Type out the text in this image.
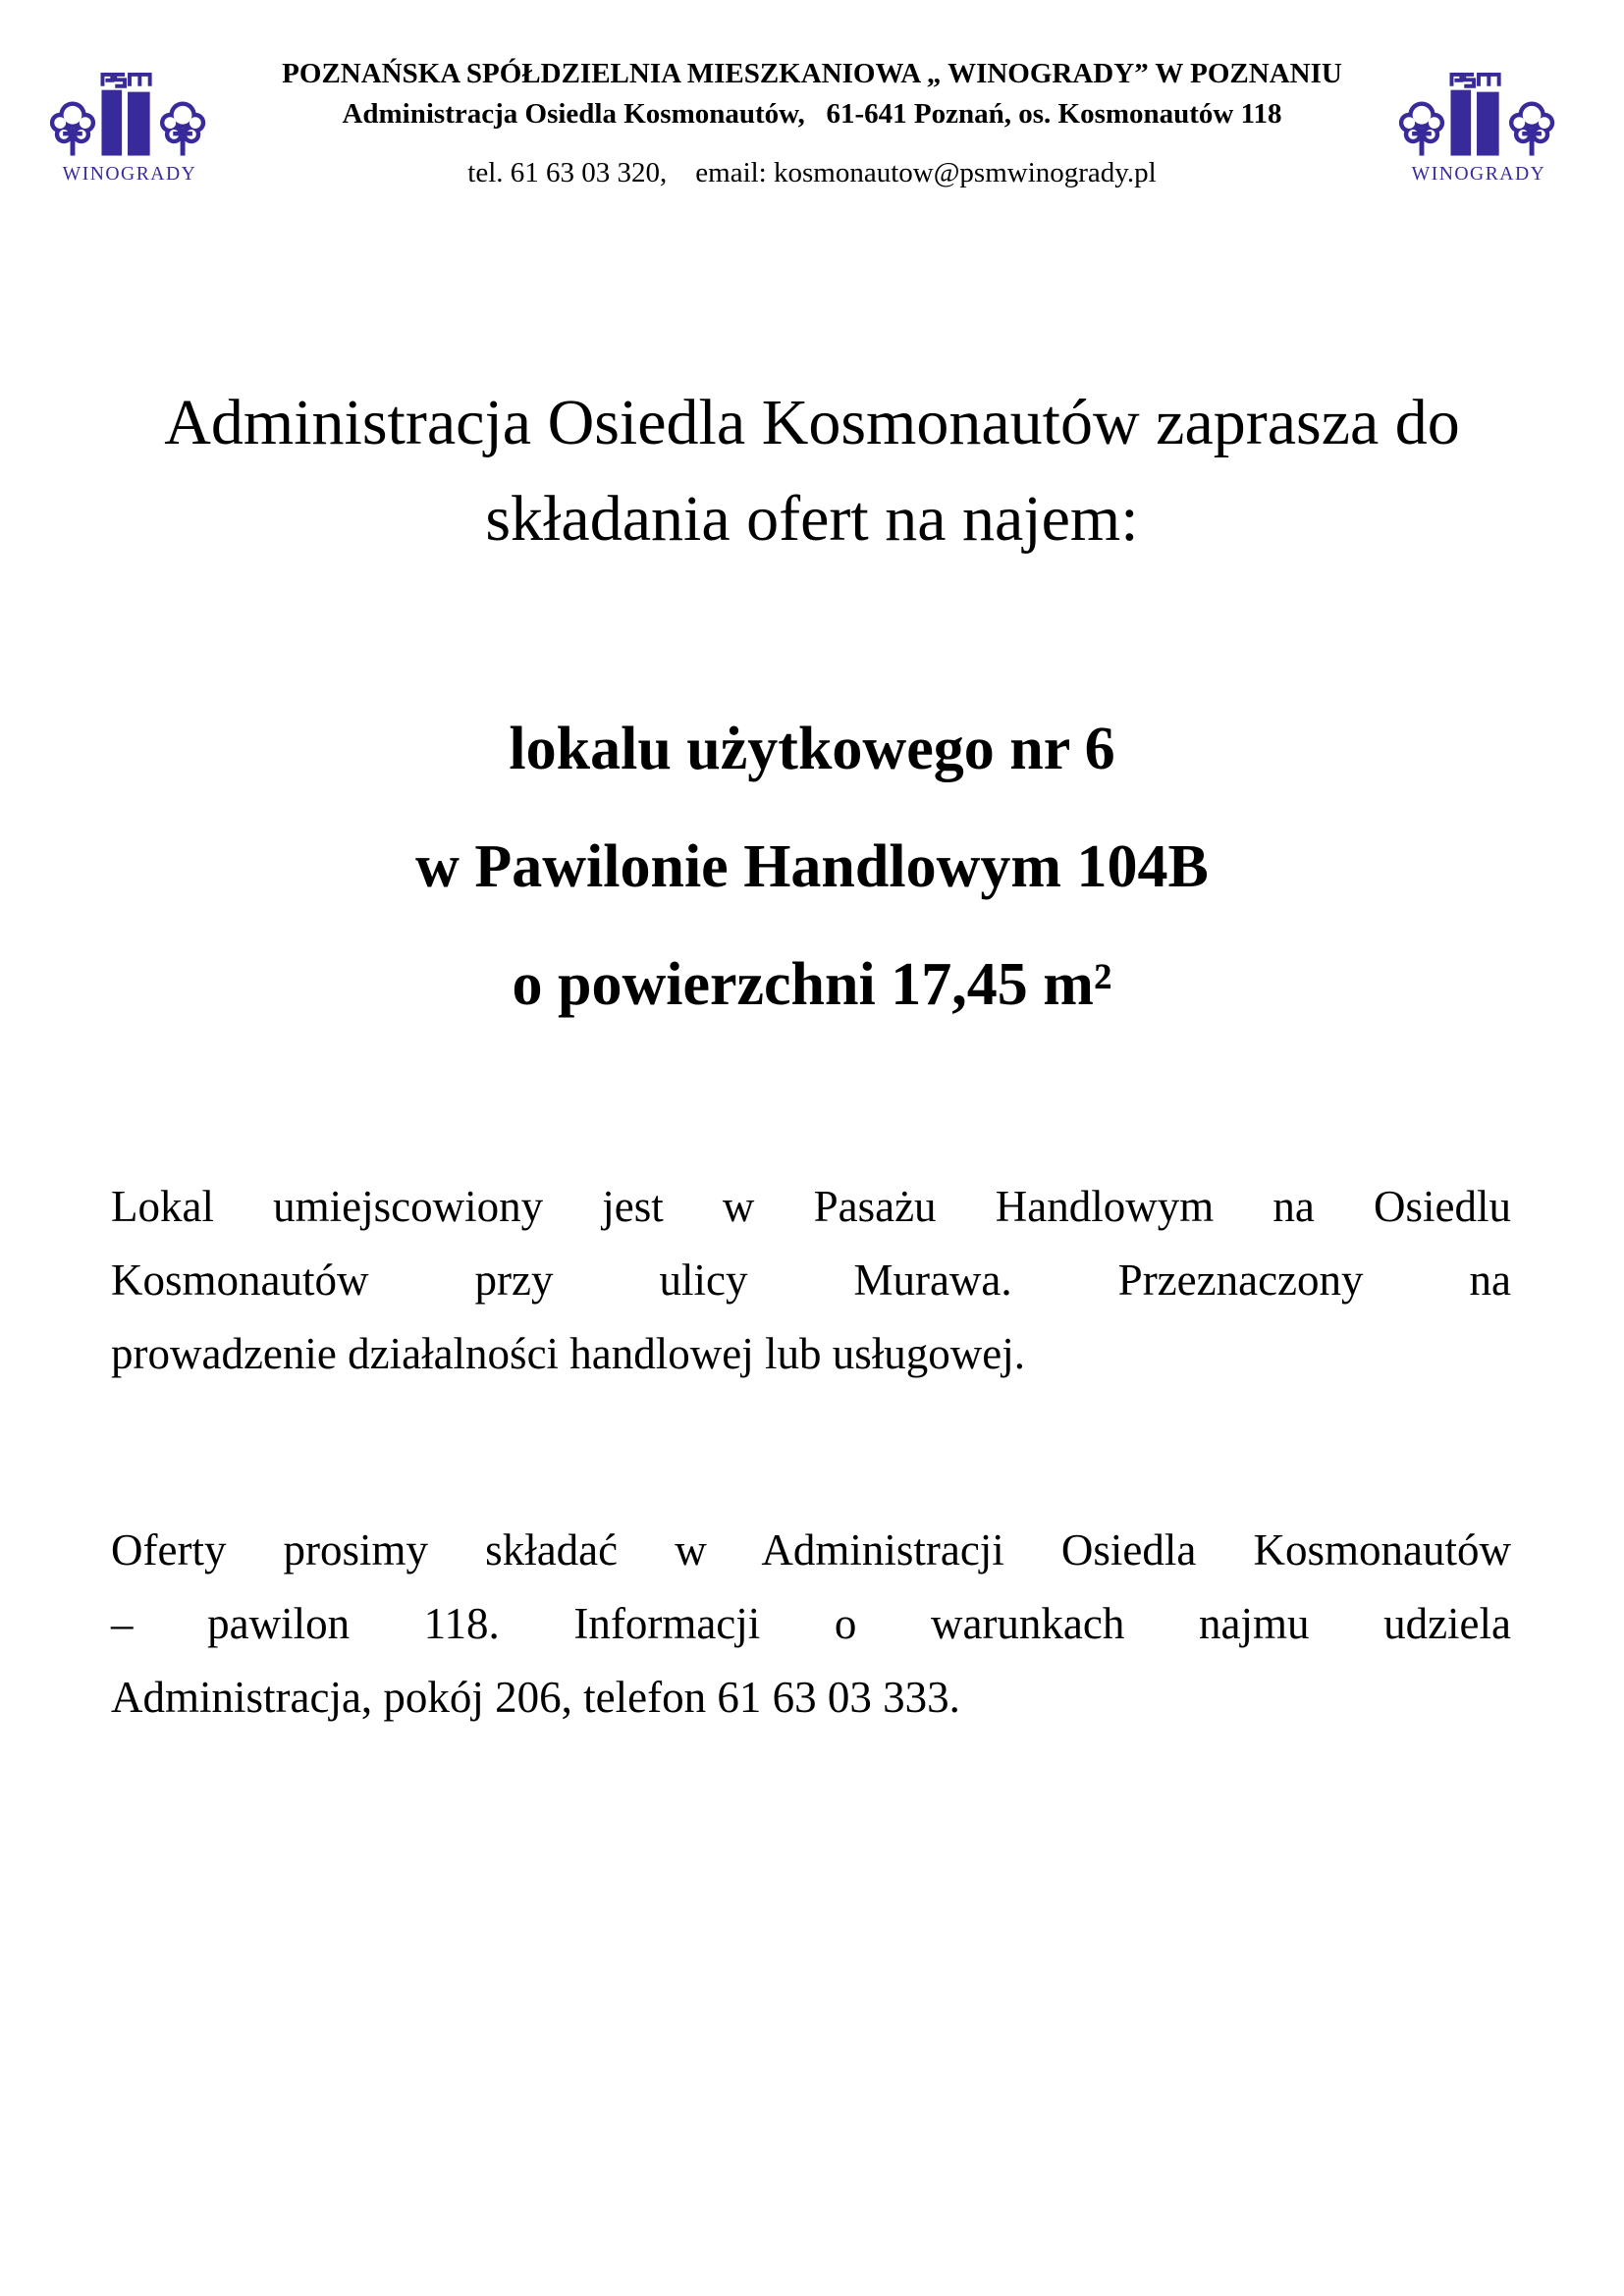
WINOGRADY	WINOGRADY
POZNAŃSKA SPÓŁDZIELNIA MIESZKANIOWA „ WINOGRADY” W POZNANIU
Administracja Osiedla Kosmonautów,   61-641 Poznań, os. Kosmonautów 118
tel. 61 63 03 320,    email: kosmonautow@psmwinogrady.pl
Administracja Osiedla Kosmonautów zaprasza do
składania ofert na najem:
lokalu użytkowego nr 6
w Pawilonie Handlowym 104B
o powierzchni 17,45 m²
Lokal umiejscowiony jest w Pasażu Handlowym na Osiedlu
Kosmonautów przy ulicy Murawa. Przeznaczony na
prowadzenie działalności handlowej lub usługowej.
Oferty prosimy składać w Administracji Osiedla Kosmonautów
– pawilon 118. Informacji o warunkach najmu udziela
Administracja, pokój 206, telefon 61 63 03 333.
